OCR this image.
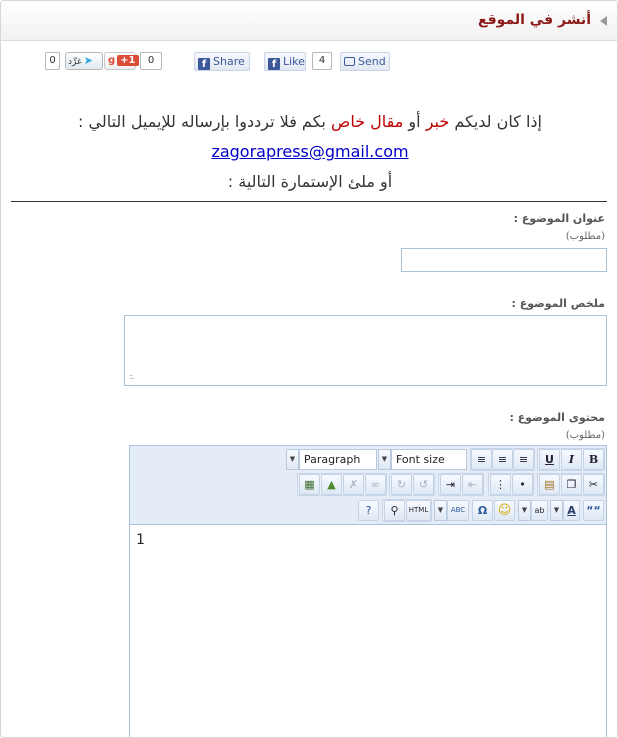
أنشر في الموقع
0	غرِّد ➤	g +1	0	f Share	f Like	4	Send
إذا كان لديكم خبر أو مقال خاص بكم فلا ترددوا بإرساله للإيميل التالي :
zagorapress@gmail.com
أو ملئ الإستمارة التالية :
عنوان الموضوع :
(مطلوب)
ملخص الموضوع :
::.
محتوى الموضوع :
(مطلوب)
▼ Paragraph	▼ Font size	≡	≡	≡	U	I	B
▦	▲	✗	∞	↻	↺	⇥	⇤	⋮	•	▤	❐	✂
?	⚲	HTML	▼	ABC	Ω ☺	▼ ab	▼ A ““
1
